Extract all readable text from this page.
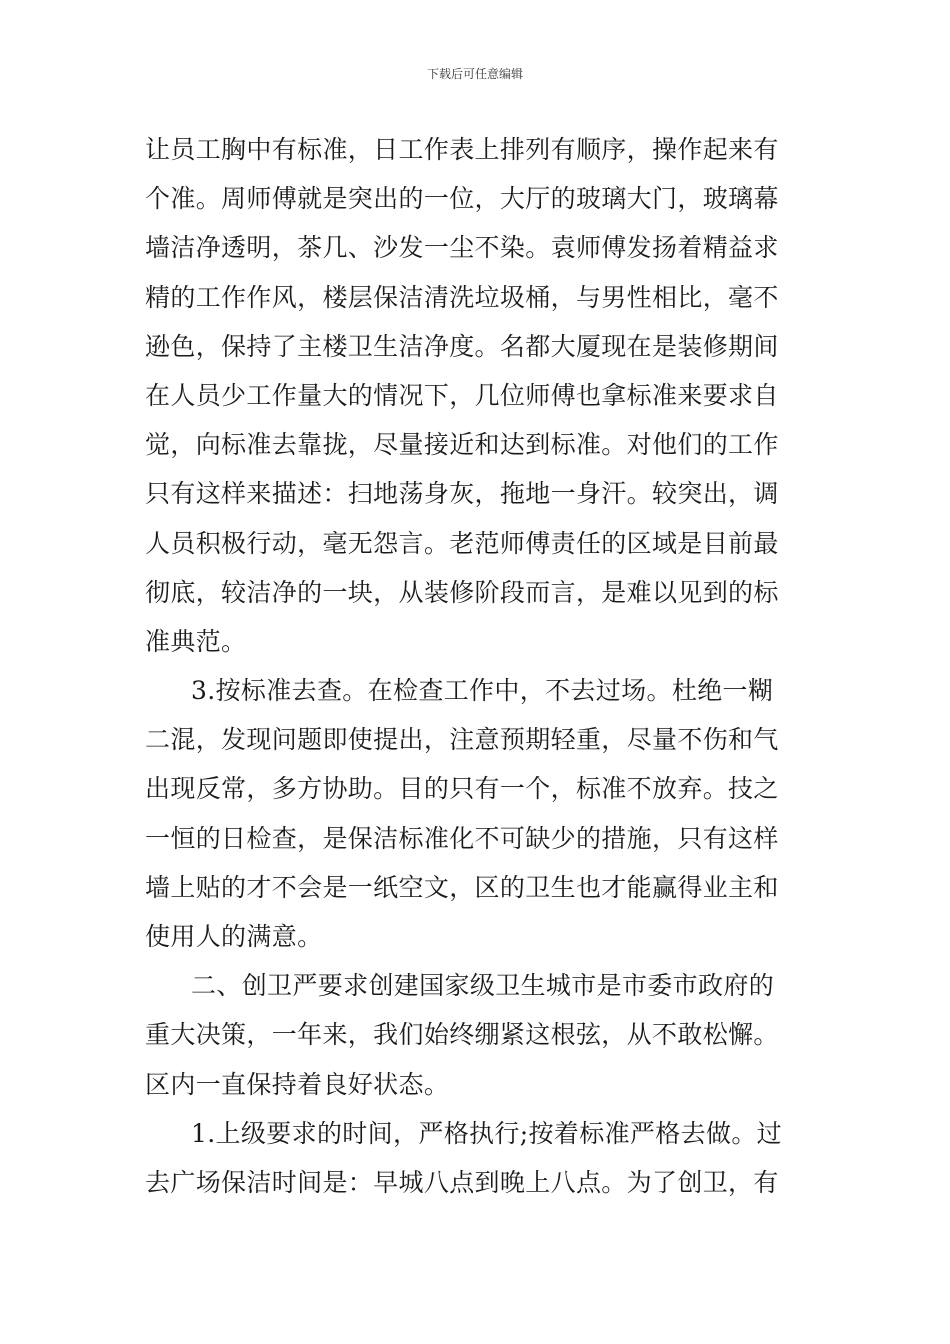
下载后可任意编辑
让员工胸中有标准，日工作表上排列有顺序，操作起来有
个准。周师傅就是突出的一位，大厅的玻璃大门，玻璃幕
墙洁净透明，茶几、沙发一尘不染。袁师傅发扬着精益求
精的工作作风，楼层保洁清洗垃圾桶，与男性相比，毫不
逊色，保持了主楼卫生洁净度。名都大厦现在是装修期间
在人员少工作量大的情况下，几位师傅也拿标准来要求自
觉，向标准去靠拢，尽量接近和达到标准。对他们的工作
只有这样来描述：扫地荡身灰，拖地一身汗。较突出，调
人员积极行动，毫无怨言。老范师傅责任的区域是目前最
彻底，较洁净的一块，从装修阶段而言，是难以见到的标
准典范。
3.按标准去查。在检查工作中，不去过场。杜绝一糊
二混，发现问题即使提出，注意预期轻重，尽量不伤和气
出现反常，多方协助。目的只有一个，标准不放弃。技之
一恒的日检查，是保洁标准化不可缺少的措施，只有这样
墙上贴的才不会是一纸空文，区的卫生也才能赢得业主和
使用人的满意。
二、创卫严要求创建国家级卫生城市是市委市政府的
重大决策，一年来，我们始终绷紧这根弦，从不敢松懈。
区内一直保持着良好状态。
1.上级要求的时间，严格执行;按着标准严格去做。过
去广场保洁时间是：早城八点到晚上八点。为了创卫，有
